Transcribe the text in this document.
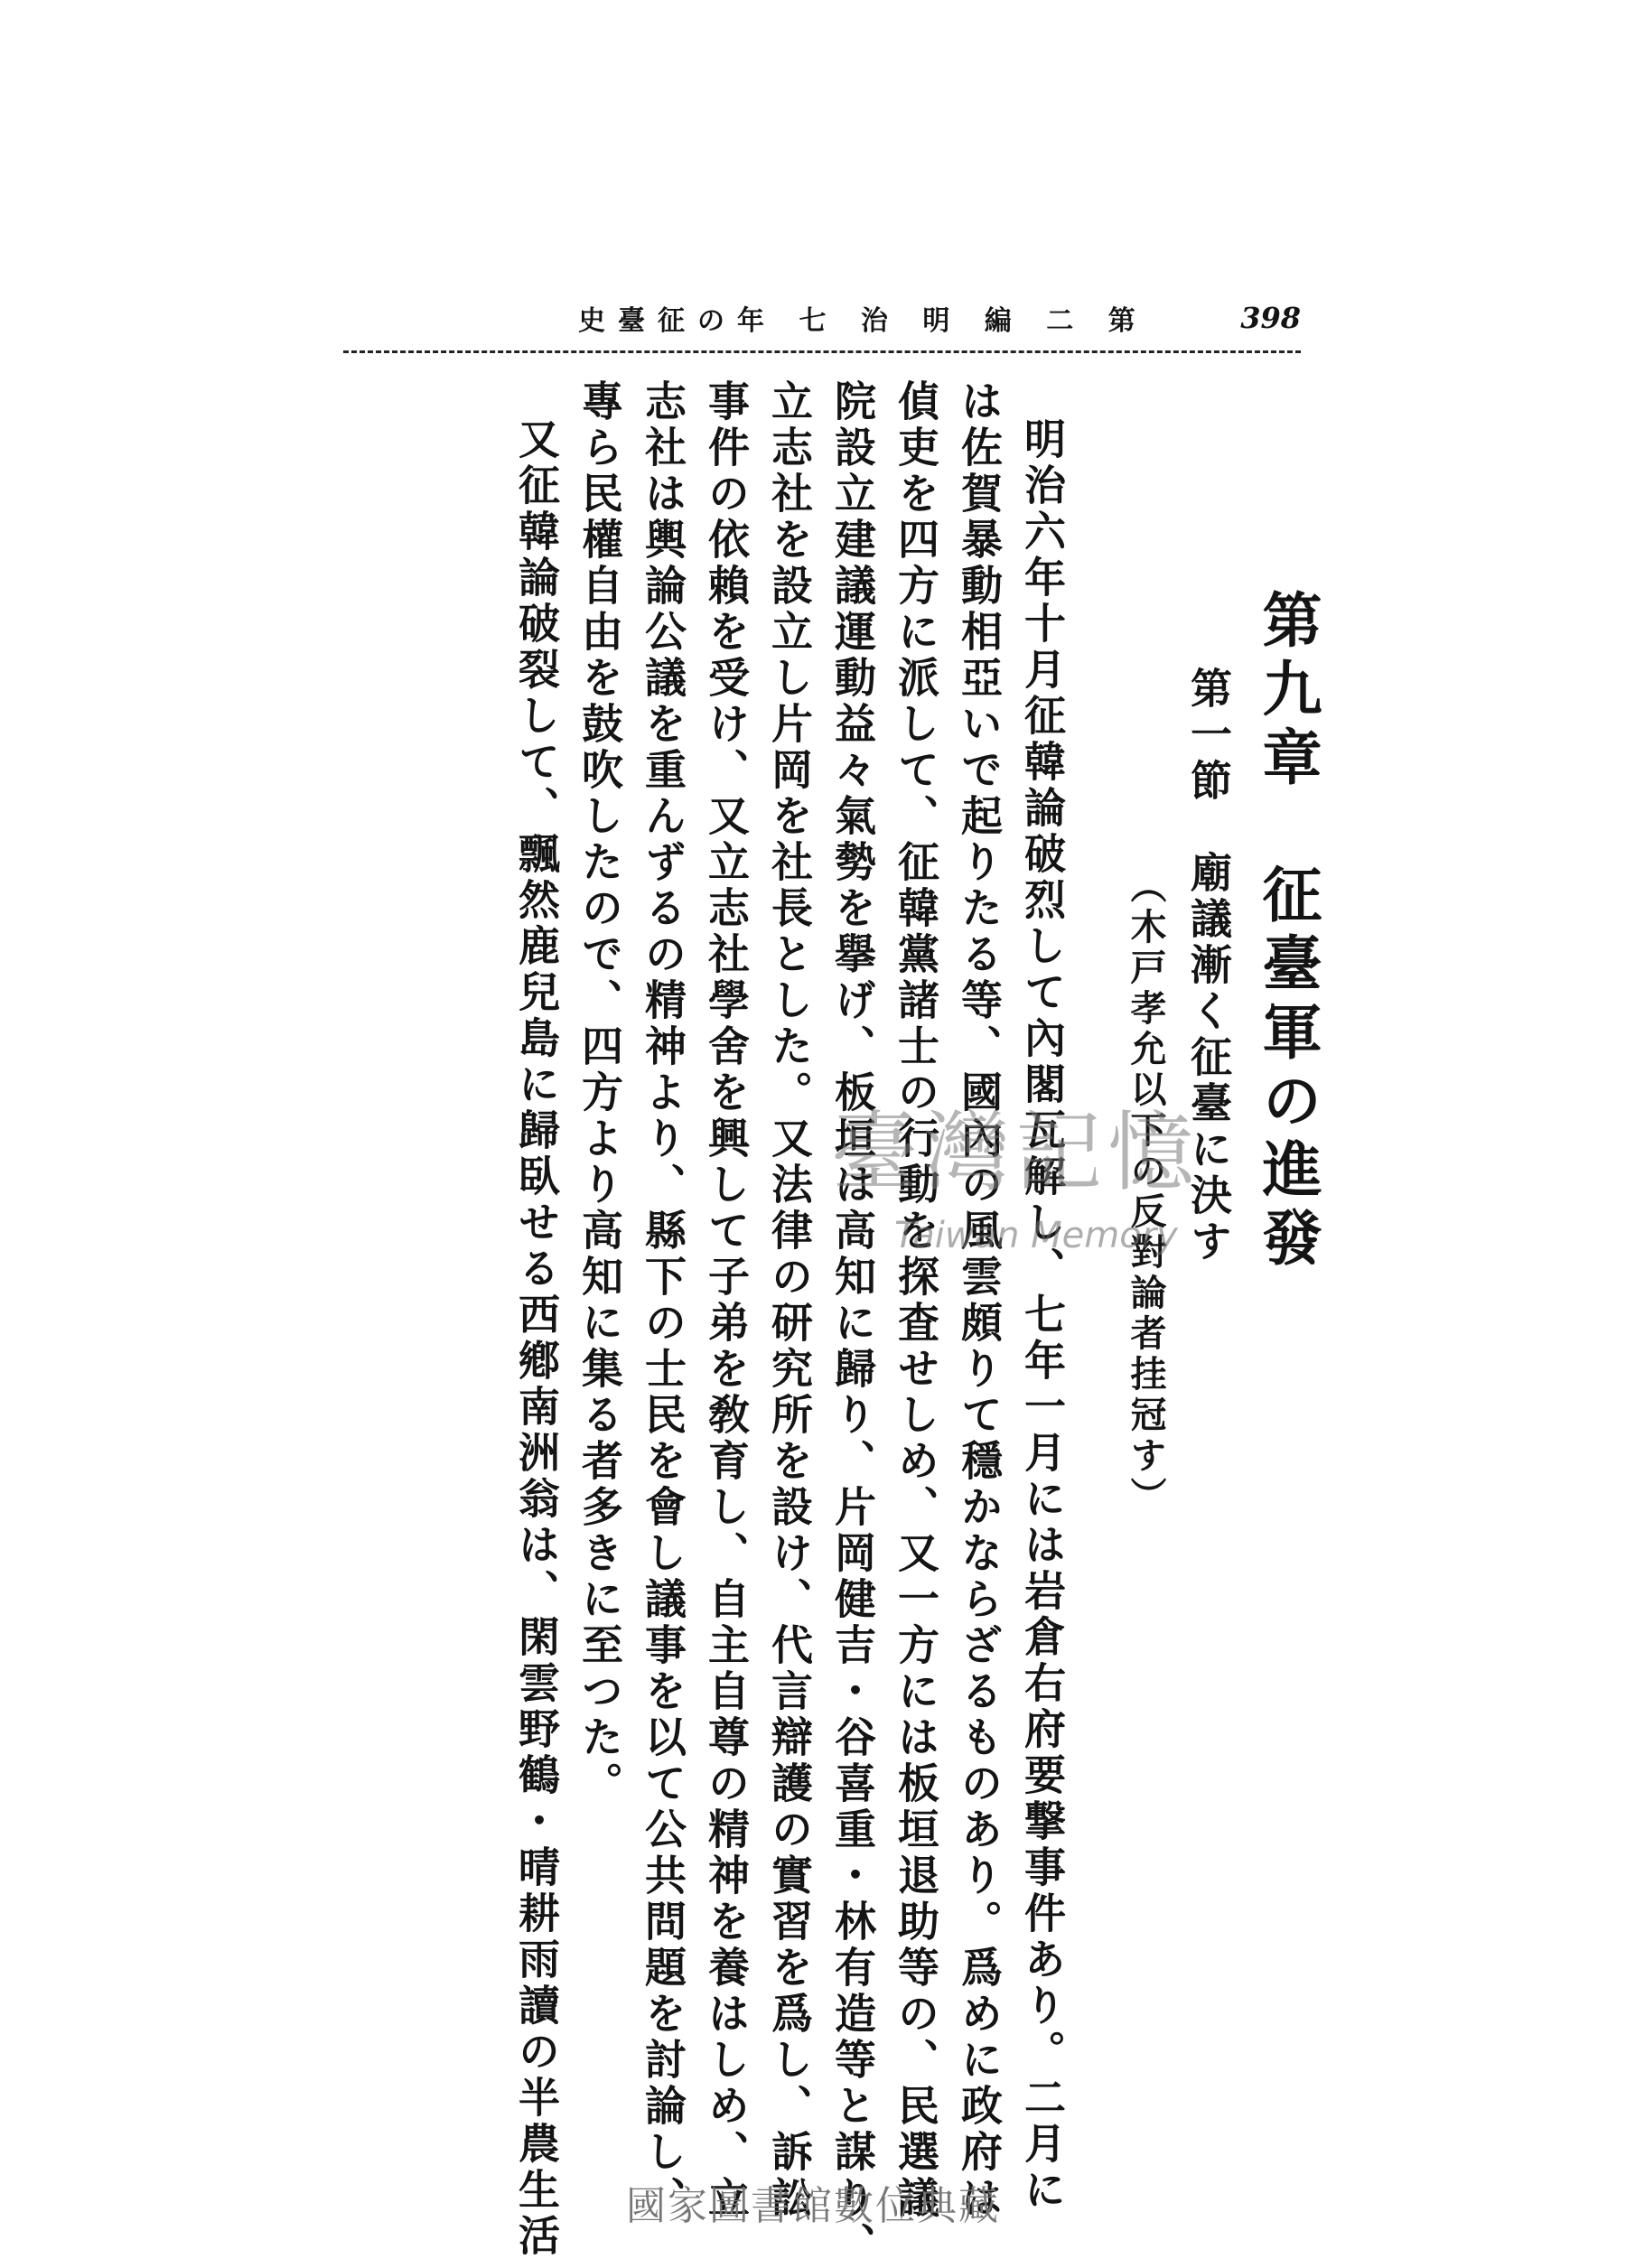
第 二 編 明 治 七 年の征臺史	398
第九章　征臺軍の進發
第一節　廟議漸く征臺に決す
（木戸孝允以下の反對論者挂冠す）
明治六年十月征韓論破烈して內閣瓦解し、七年一月には岩倉右府要撃事件あり。二月に
は佐賀暴動相亞いで起りたる等、國內の風雲頗りて穩かならざるものあり。爲めに政府は
偵吏を四方に派して、征韓黨諸士の行動を探査せしめ、又一方には板垣退助等の、民選議
院設立建議運動益々氣勢を擧げ、板垣は高知に歸り、片岡健吉・谷喜重・林有造等と謀り、
立志社を設立し片岡を社長とした。又法律の研究所を設け、代言辯護の實習を爲し、訴訟
事件の依賴を受け、又立志社學舍を興して子弟を敎育し、自主自尊の精神を養はしめ、立
志社は輿論公議を重んずるの精神より、縣下の士民を會し議事を以て公共問題を討論し、
專ら民權自由を鼓吹したので、四方より高知に集る者多きに至つた。
又征韓論破裂して、飄然鹿兒島に歸臥せる西鄕南洲翁は、閑雲野鶴・晴耕雨讀の半農生活	臺灣記憶
Taiwan Memory
國家圖書館數位典藏
